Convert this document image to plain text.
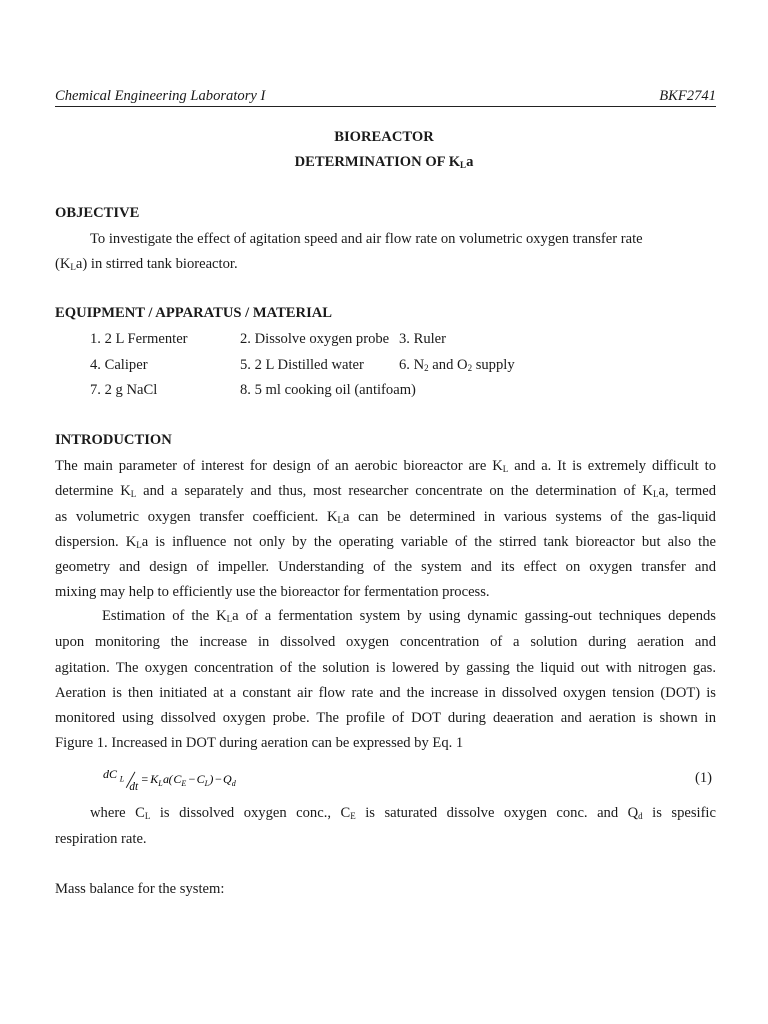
Chemical Engineering Laboratory I	BKF2741
BIOREACTOR
DETERMINATION OF $K_La$
OBJECTIVE
To investigate the effect of agitation speed and air flow rate on volumetric oxygen transfer rate
$(K_La)$ in stirred tank bioreactor.
EQUIPMENT / APPARATUS / MATERIAL
1. 2 L Fermenter	2. Dissolve oxygen probe 3. Ruler
4. Caliper	5. 2 L Distilled water 6. $N_2$ and $O_2$ supply
7. 2 g NaCl	8. 5 ml cooking oil (antifoam)
INTRODUCTION
The main parameter of interest for design of an aerobic bioreactor are $K_L$ and a. It is extremely difficult to
determine $K_L$ and a separately and thus, most researcher concentrate on the determination of $K_La$, termed
as volumetric oxygen transfer coefficient. $K_La$ can be determined in various systems of the gas-liquid
dispersion. $K_La$ is influence not only by the operating variable of the stirred tank bioreactor but also the
geometry and design of impeller. Understanding of the system and its effect on oxygen transfer and
mixing may help to efficiently use the bioreactor for fermentation process.
Estimation of the $K_La$ of a fermentation system by using dynamic gassing-out techniques depends
upon monitoring the increase in dissolved oxygen concentration of a solution during aeration and
agitation. The oxygen concentration of the solution is lowered by gassing the liquid out with nitrogen gas.
Aeration is then initiated at a constant air flow rate and the increase in dissolved oxygen tension (DOT) is
monitored using dissolved oxygen probe. The profile of DOT during deaeration and aeration is shown in
Figure 1. Increased in DOT during aeration can be expressed by Eq. 1
dC L
dt
= K L a ( C E − C L ) − Q d	(1)
where $C_L$ is dissolved oxygen conc., $C_E$ is saturated dissolve oxygen conc. and $Q_d$ is spesific
respiration rate.
Mass balance for the system:
